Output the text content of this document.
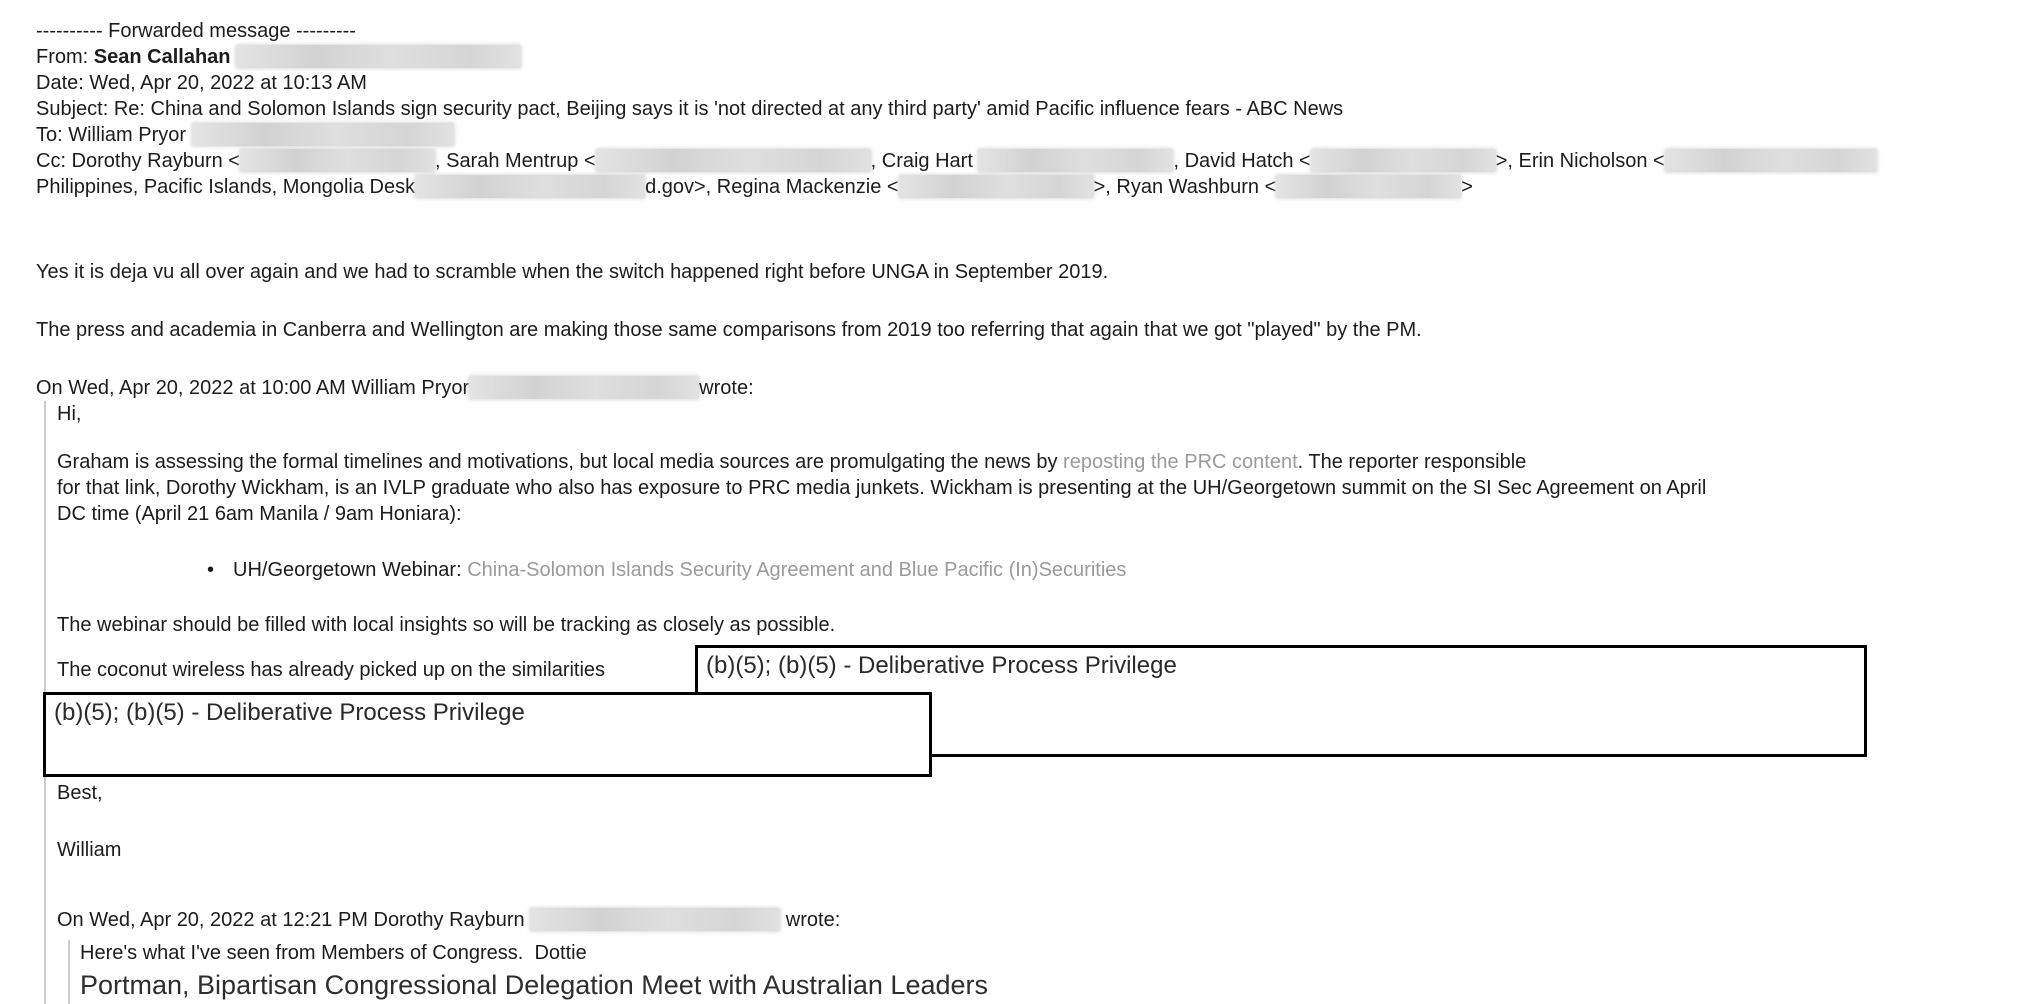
---------- Forwarded message ---------
From: Sean Callahan
Date: Wed, Apr 20, 2022 at 10:13 AM
Subject: Re: China and Solomon Islands sign security pact, Beijing says it is 'not directed at any third party' amid Pacific influence fears - ABC News
To: William Pryor
Cc: Dorothy Rayburn <	, Sarah Mentrup <	, Craig Hart	, David Hatch <	>, Erin Nicholson <
Philippines, Pacific Islands, Mongolia Desk	d.gov>, Regina Mackenzie <	>, Ryan Washburn <	>

Yes it is deja vu all over again and we had to scramble when the switch happened right before UNGA in September 2019.

The press and academia in Canberra and Wellington are making those same comparisons from 2019 too referring that again that we got "played" by the PM.

On Wed, Apr 20, 2022 at 10:00 AM William Pryor	wrote:
Hi,
Graham is assessing the formal timelines and motivations, but local media sources are promulgating the news by reposting the PRC content. The reporter responsible
for that link, Dorothy Wickham, is an IVLP graduate who also has exposure to PRC media junkets. Wickham is presenting at the UH/Georgetown summit on the SI Sec Agreement on April
DC time (April 21 6am Manila / 9am Honiara):
• UH/Georgetown Webinar: China-Solomon Islands Security Agreement and Blue Pacific (In)Securities

The webinar should be filled with local insights so will be tracking as closely as possible.

The coconut wireless has already picked up on the similarities

Best,

William

On Wed, Apr 20, 2022 at 12:21 PM Dorothy Rayburn	wrote:
Here's what I've seen from Members of Congress.  Dottie
Portman, Bipartisan Congressional Delegation Meet with Australian Leaders
(b)(5); (b)(5) - Deliberative Process Privilege
(b)(5); (b)(5) - Deliberative Process Privilege
